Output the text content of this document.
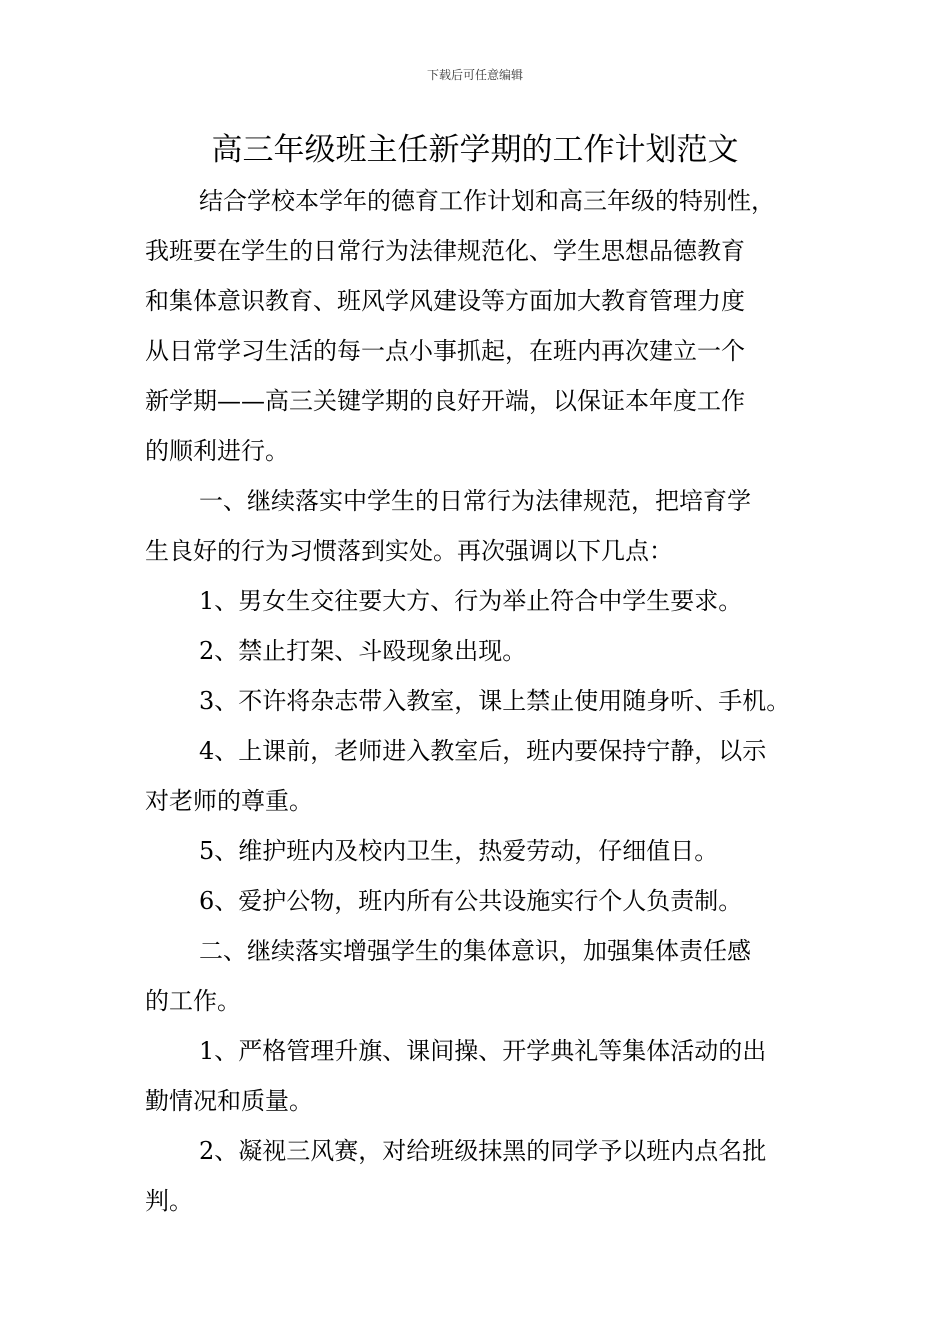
下载后可任意编辑
高三年级班主任新学期的工作计划范文
结合学校本学年的德育工作计划和高三年级的特别性，
我班要在学生的日常行为法律规范化、学生思想品德教育
和集体意识教育、班风学风建设等方面加大教育管理力度
从日常学习生活的每一点小事抓起，在班内再次建立一个
新学期——高三关键学期的良好开端，以保证本年度工作
的顺利进行。
一、继续落实中学生的日常行为法律规范，把培育学
生良好的行为习惯落到实处。再次强调以下几点：
1、男女生交往要大方、行为举止符合中学生要求。
2、禁止打架、斗殴现象出现。
3、不许将杂志带入教室，课上禁止使用随身听、手机。
4、上课前，老师进入教室后，班内要保持宁静，以示
对老师的尊重。
5、维护班内及校内卫生，热爱劳动，仔细值日。
6、爱护公物，班内所有公共设施实行个人负责制。
二、继续落实增强学生的集体意识，加强集体责任感
的工作。
1、严格管理升旗、课间操、开学典礼等集体活动的出
勤情况和质量。
2、凝视三风赛，对给班级抹黑的同学予以班内点名批
判。
